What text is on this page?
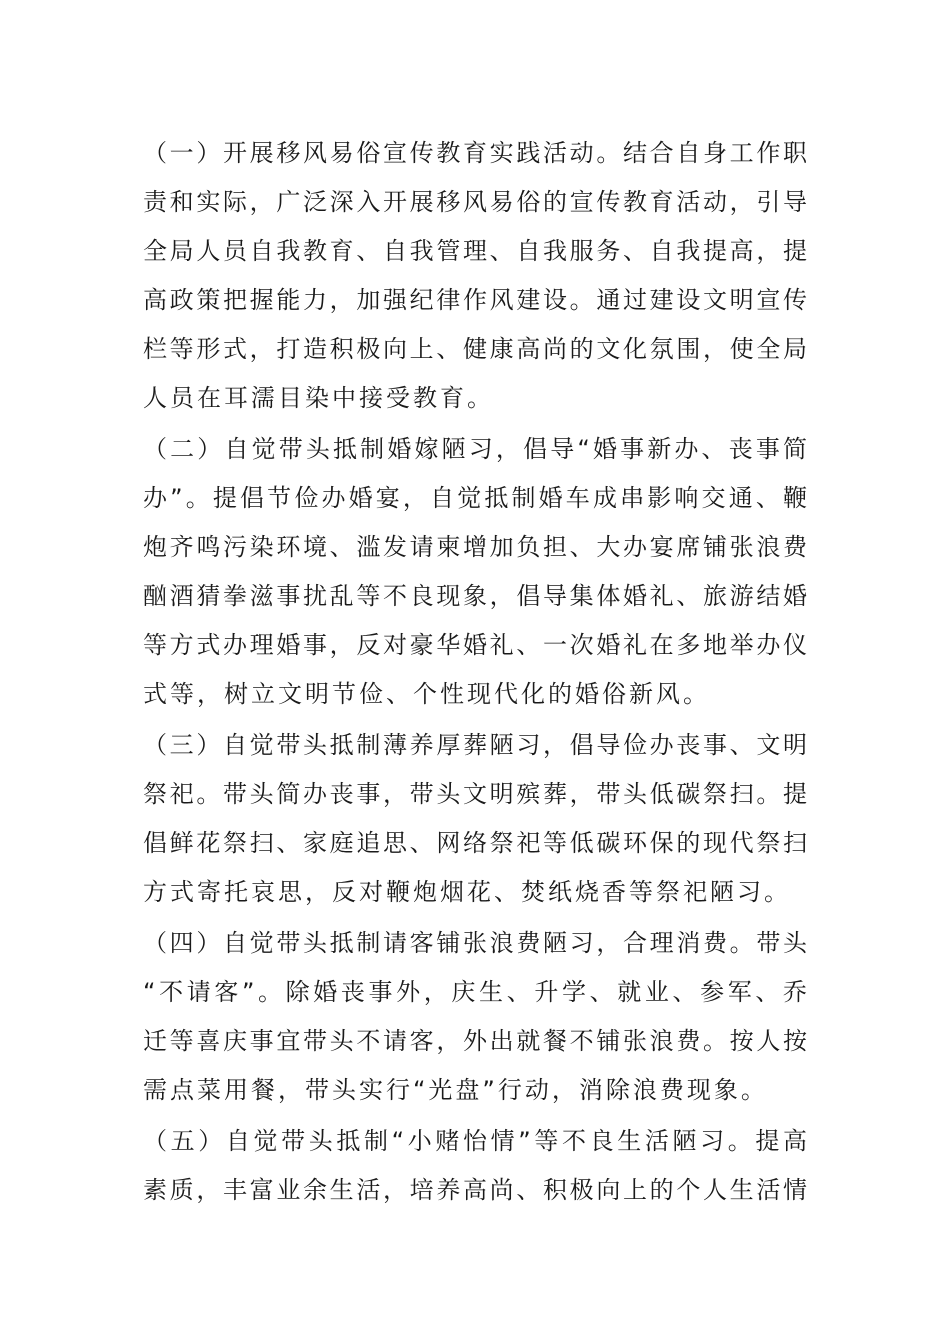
（一）开展移风易俗宣传教育实践活动。结合自身工作职
责和实际，广泛深入开展移风易俗的宣传教育活动，引导
全局人员自我教育、自我管理、自我服务、自我提高，提
高政策把握能力，加强纪律作风建设。通过建设文明宣传
栏等形式，打造积极向上、健康高尚的文化氛围，使全局
人员在耳濡目染中接受教育。
（二）自觉带头抵制婚嫁陋习，倡导“婚事新办、丧事简
办”。提倡节俭办婚宴，自觉抵制婚车成串影响交通、鞭
炮齐鸣污染环境、滥发请柬增加负担、大办宴席铺张浪费
酗酒猜拳滋事扰乱等不良现象，倡导集体婚礼、旅游结婚
等方式办理婚事，反对豪华婚礼、一次婚礼在多地举办仪
式等，树立文明节俭、个性现代化的婚俗新风。
（三）自觉带头抵制薄养厚葬陋习，倡导俭办丧事、文明
祭祀。带头简办丧事，带头文明殡葬，带头低碳祭扫。提
倡鲜花祭扫、家庭追思、网络祭祀等低碳环保的现代祭扫
方式寄托哀思，反对鞭炮烟花、焚纸烧香等祭祀陋习。
（四）自觉带头抵制请客铺张浪费陋习，合理消费。带头
“不请客”。除婚丧事外，庆生、升学、就业、参军、乔
迁等喜庆事宜带头不请客，外出就餐不铺张浪费。按人按
需点菜用餐，带头实行“光盘”行动，消除浪费现象。
（五）自觉带头抵制“小赌怡情”等不良生活陋习。提高
素质，丰富业余生活，培养高尚、积极向上的个人生活情
